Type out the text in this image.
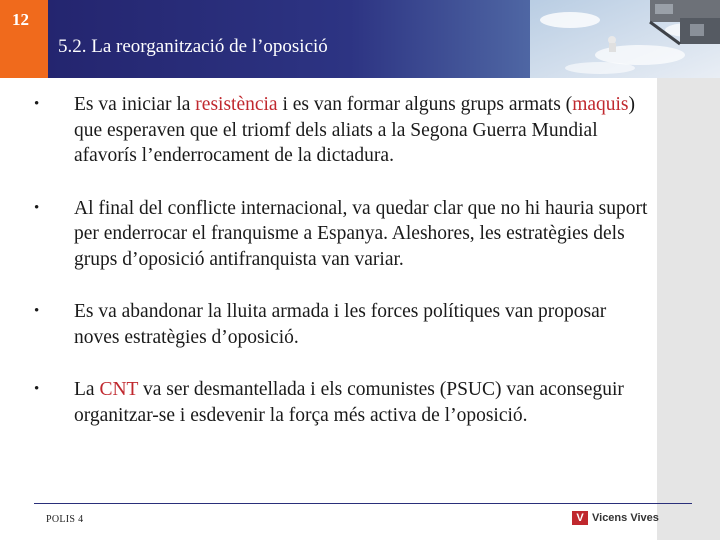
12
5.2. La reorganització de l’oposició
• Es va iniciar la resistència i es van formar alguns grups armats (maquis) que esperaven que el triomf dels aliats a la Segona Guerra Mundial afavorís l’enderrocament de la dictadura.
• Al final del conflicte internacional, va quedar clar que no hi hauria suport per enderrocar el franquisme a Espanya. Aleshores, les estratègies dels grups d’oposició antifranquista van variar.
• Es va abandonar la lluita armada i les forces polítiques van proposar noves estratègies d’oposició.
• La CNT va ser desmantellada i els comunistes (PSUC) van aconseguir organitzar-se i esdevenir la força més activa de l’oposició.
POLIS 4	V Vicens Vives
